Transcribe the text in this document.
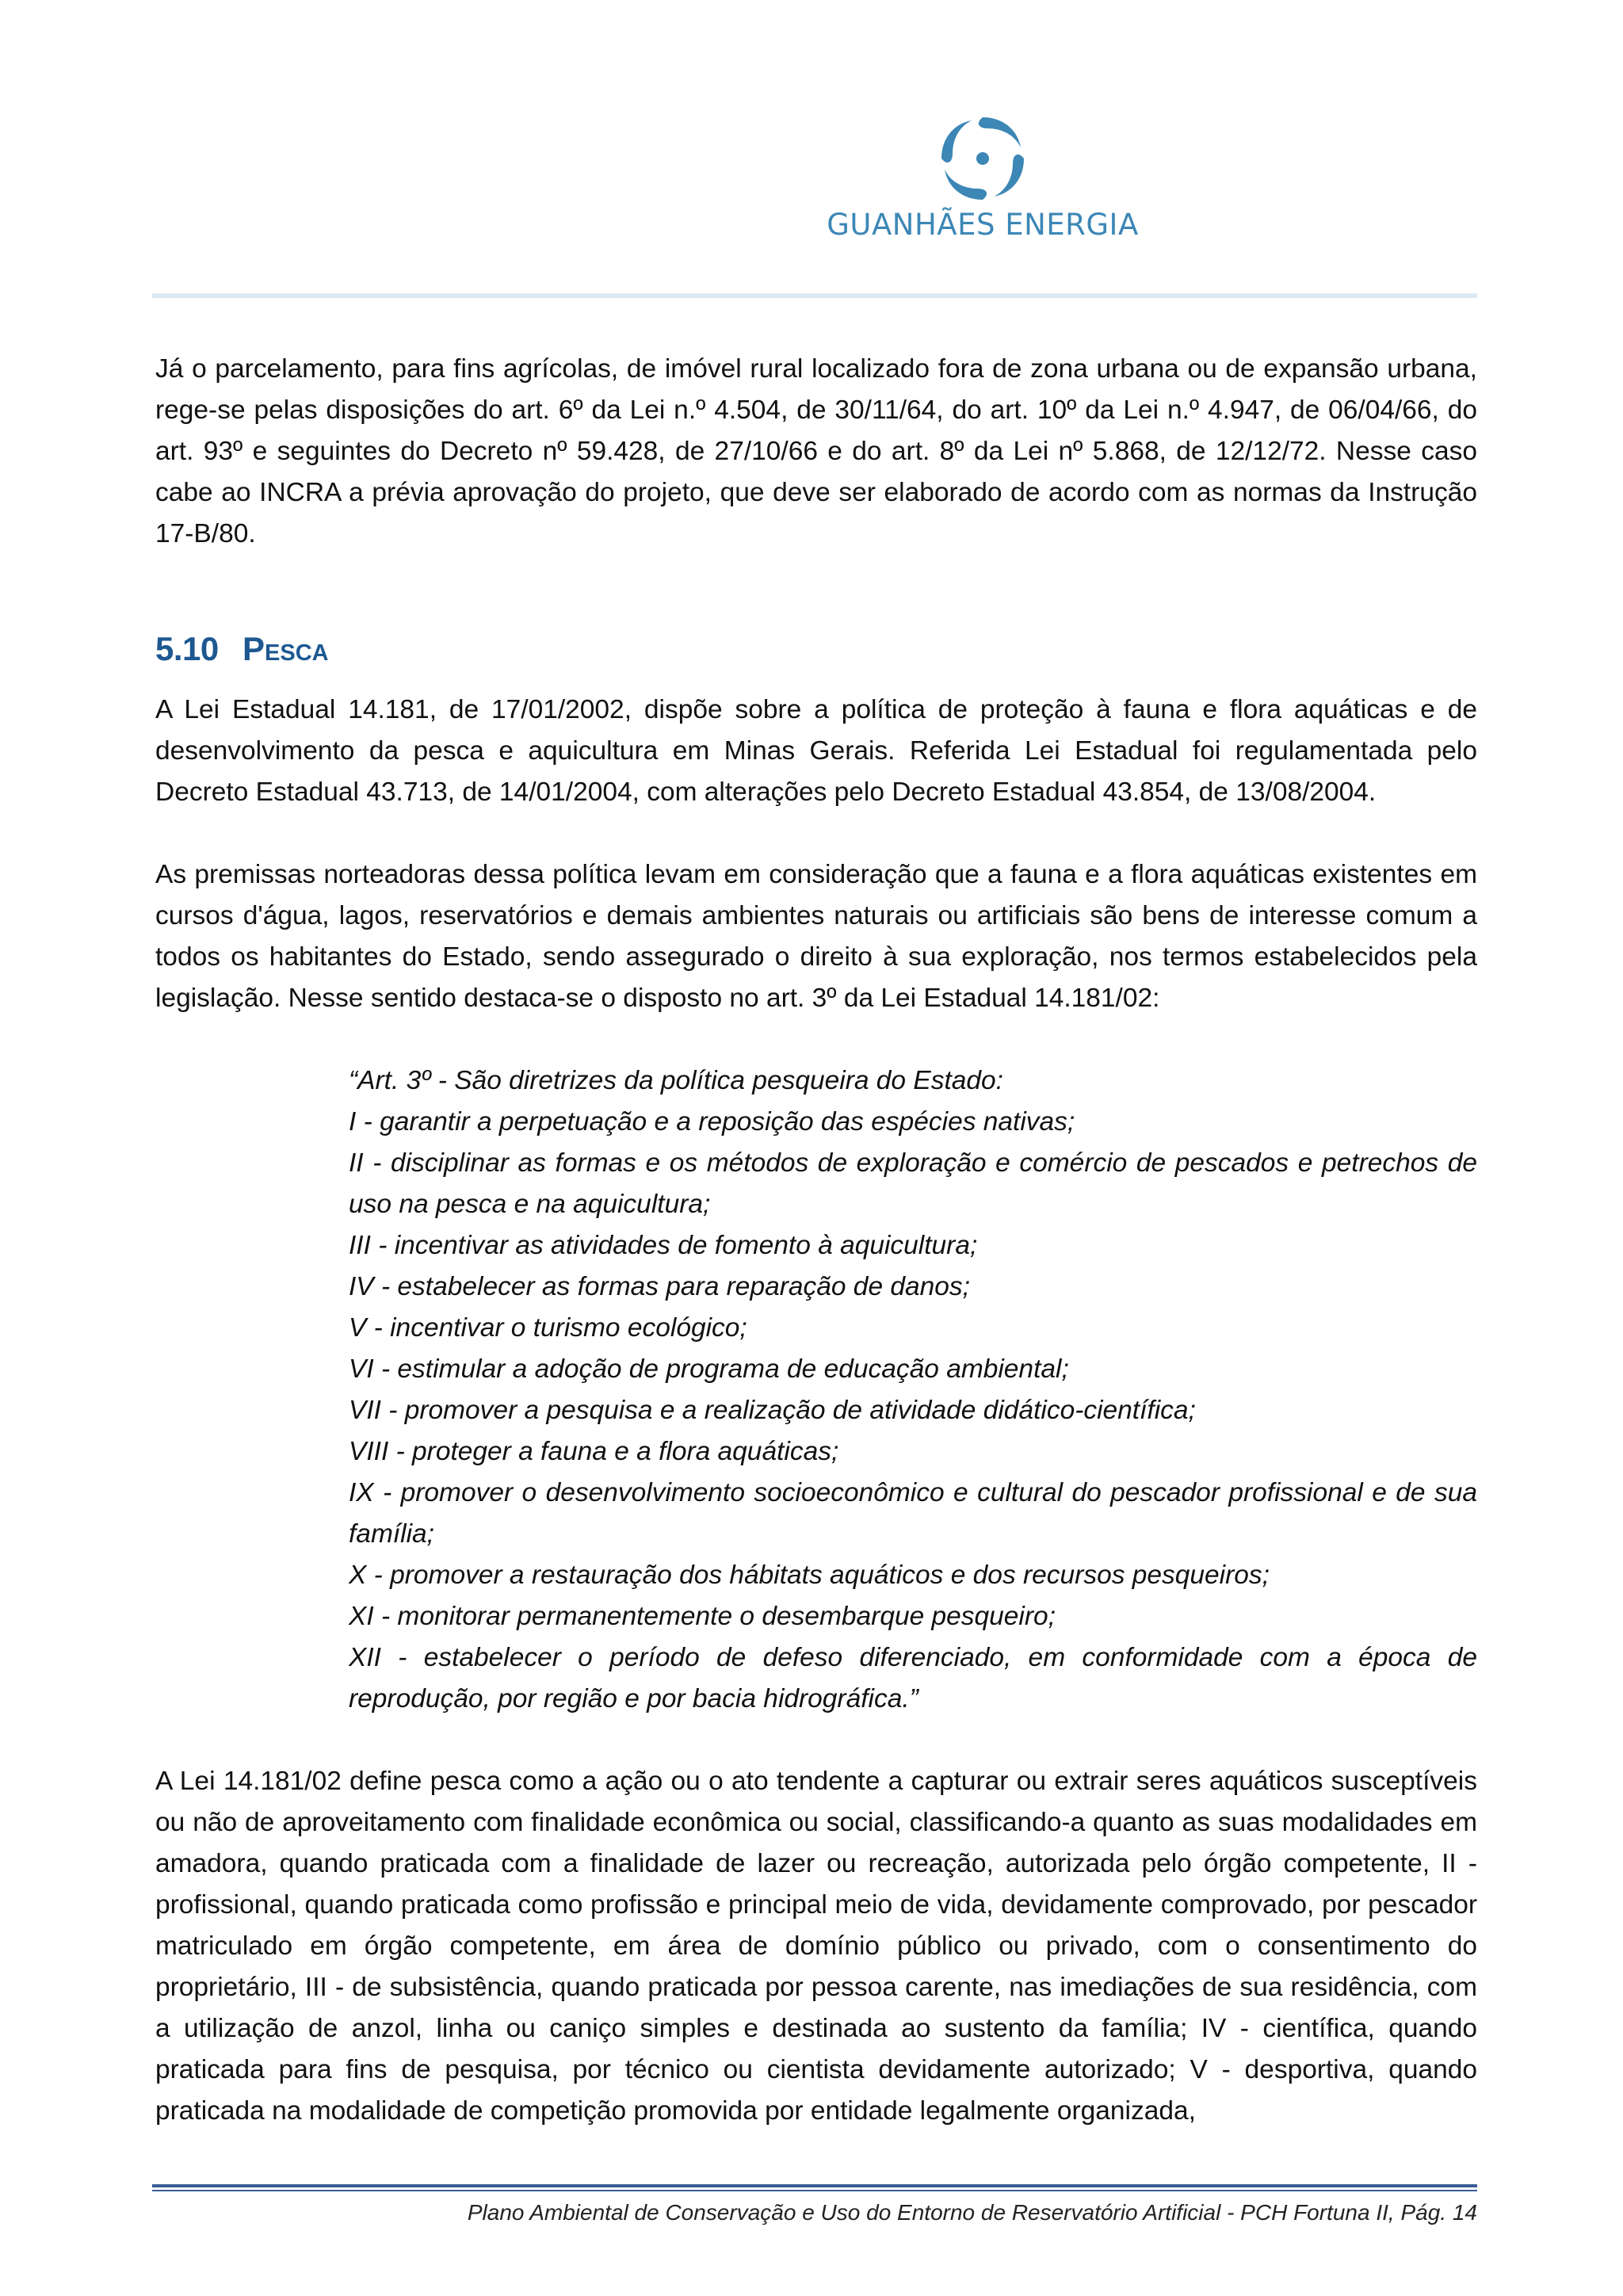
GUANHÃES ENERGIA

Já o parcelamento, para fins agrícolas, de imóvel rural localizado fora de zona urbana ou de expansão urbana, rege-se pelas disposições do art. 6º da Lei n.º 4.504, de 30/11/64, do art. 10º da Lei n.º 4.947, de 06/04/66, do art. 93º e seguintes do Decreto nº 59.428, de 27/10/66 e do art. 8º da Lei nº 5.868, de 12/12/72. Nesse caso cabe ao INCRA a prévia aprovação do projeto, que deve ser elaborado de acordo com as normas da Instrução 17-B/80.

5.10 Pesca

A Lei Estadual 14.181, de 17/01/2002, dispõe sobre a política de proteção à fauna e flora aquáticas e de desenvolvimento da pesca e aquicultura em Minas Gerais. Referida Lei Estadual foi regulamentada pelo Decreto Estadual 43.713, de 14/01/2004, com alterações pelo Decreto Estadual 43.854, de 13/08/2004.

As premissas norteadoras dessa política levam em consideração que a fauna e a flora aquáticas existentes em cursos d'água, lagos, reservatórios e demais ambientes naturais ou artificiais são bens de interesse comum a todos os habitantes do Estado, sendo assegurado o direito à sua exploração, nos termos estabelecidos pela legislação. Nesse sentido destaca-se o disposto no art. 3º da Lei Estadual 14.181/02:

“Art. 3º - São diretrizes da política pesqueira do Estado:
I - garantir a perpetuação e a reposição das espécies nativas;
II - disciplinar as formas e os métodos de exploração e comércio de pescados e petrechos de uso na pesca e na aquicultura;
III - incentivar as atividades de fomento à aquicultura;
IV - estabelecer as formas para reparação de danos;
V - incentivar o turismo ecológico;
VI - estimular a adoção de programa de educação ambiental;
VII - promover a pesquisa e a realização de atividade didático-científica;
VIII - proteger a fauna e a flora aquáticas;
IX - promover o desenvolvimento socioeconômico e cultural do pescador profissional e de sua família;
X - promover a restauração dos hábitats aquáticos e dos recursos pesqueiros;
XI - monitorar permanentemente o desembarque pesqueiro;
XII - estabelecer o período de defeso diferenciado, em conformidade com a época de reprodução, por região e por bacia hidrográfica.”

A Lei 14.181/02 define pesca como a ação ou o ato tendente a capturar ou extrair seres aquáticos susceptíveis ou não de aproveitamento com finalidade econômica ou social, classificando-a quanto as suas modalidades em amadora, quando praticada com a finalidade de lazer ou recreação, autorizada pelo órgão competente, II - profissional, quando praticada como profissão e principal meio de vida, devidamente comprovado, por pescador matriculado em órgão competente, em área de domínio público ou privado, com o consentimento do proprietário, III - de subsistência, quando praticada por pessoa carente, nas imediações de sua residência, com a utilização de anzol, linha ou caniço simples e destinada ao sustento da família; IV - científica, quando praticada para fins de pesquisa, por técnico ou cientista devidamente autorizado; V - desportiva, quando praticada na modalidade de competição promovida por entidade legalmente organizada,

Plano Ambiental de Conservação e Uso do Entorno de Reservatório Artificial - PCH Fortuna II, Pág. 14
